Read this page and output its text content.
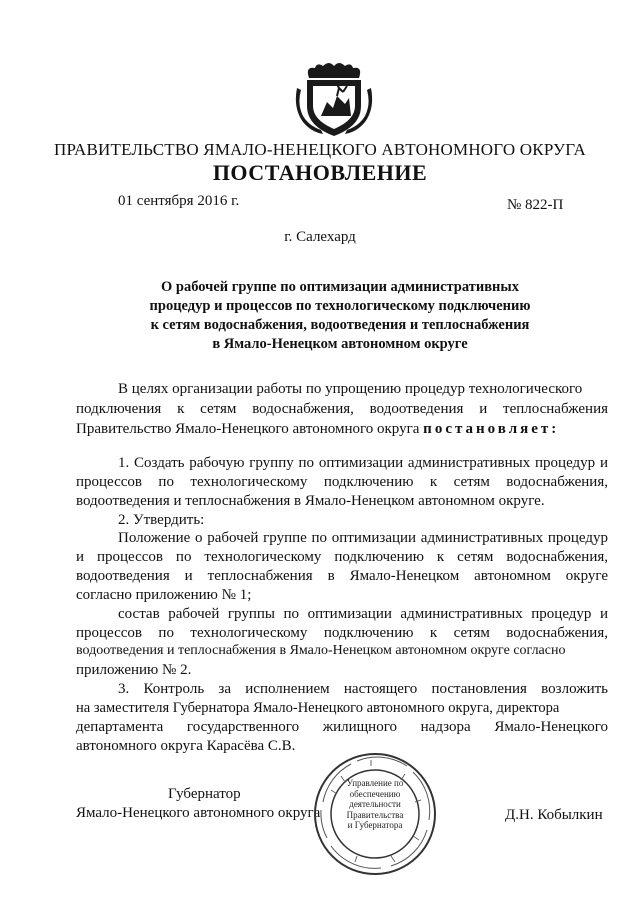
ПРАВИТЕЛЬСТВО ЯМАЛО-НЕНЕЦКОГО АВТОНОМНОГО ОКРУГА
ПОСТАНОВЛЕНИЕ
01 сентября 2016 г.	№ 822-П
г. Салехард
О рабочей группе по оптимизации административных
процедур и процессов по технологическому подключению
к сетям водоснабжения, водоотведения и теплоснабжения
в Ямало-Ненецком автономном округе
В целях организации работы по упрощению процедур технологического
подключения к сетям водоснабжения, водоотведения и теплоснабжения
Правительство Ямало-Ненецкого автономного округа постановляет:
1. Создать рабочую группу по оптимизации административных процедур и
процессов по технологическому подключению к сетям водоснабжения,
водоотведения и теплоснабжения в Ямало-Ненецком автономном округе.
2. Утвердить:
Положение о рабочей группе по оптимизации административных процедур
и процессов по технологическому подключению к сетям водоснабжения,
водоотведения и теплоснабжения в Ямало-Ненецком автономном округе
согласно приложению № 1;
состав рабочей группы по оптимизации административных процедур и
процессов по технологическому подключению к сетям водоснабжения,
водоотведения и теплоснабжения в Ямало-Ненецком автономном округе согласно
приложению № 2.
3. Контроль за исполнением настоящего постановления возложить
на заместителя Губернатора Ямало-Ненецкого автономного округа, директора
департамента государственного жилищного надзора Ямало-Ненецкого
автономного округа Карасёва С.В.
Губернатор
Ямало-Ненецкого автономного округа	Д.Н. Кобылкин
Управление по
обеспечению
деятельности
Правительства
и Губернатора
